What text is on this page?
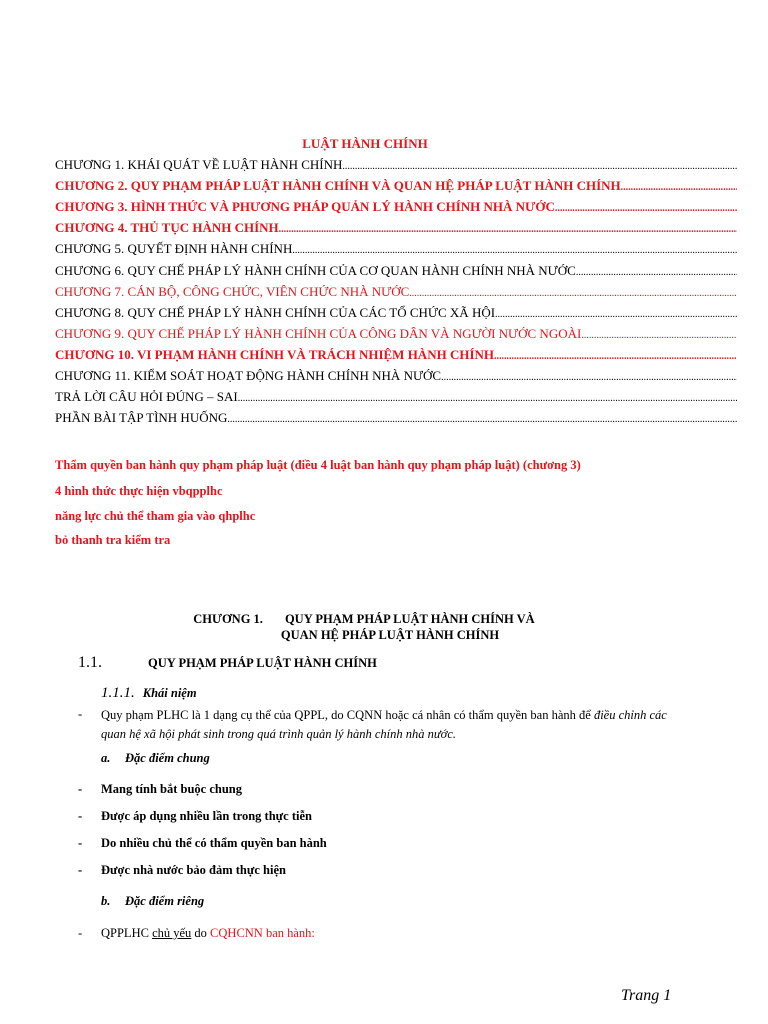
LUẬT HÀNH CHÍNH
CHƯƠNG 1. KHÁI QUÁT VỀ LUẬT HÀNH CHÍNH
.....
CHƯƠNG 2. QUY PHẠM PHÁP LUẬT HÀNH CHÍNH VÀ QUAN HỆ PHÁP LUẬT HÀNH CHÍNH
.....
CHƯƠNG 3. HÌNH THỨC VÀ PHƯƠNG PHÁP QUẢN LÝ HÀNH CHÍNH NHÀ NƯỚC
.....
CHƯƠNG 4. THỦ TỤC HÀNH CHÍNH
.....
CHƯƠNG 5. QUYẾT ĐỊNH HÀNH CHÍNH
.....
CHƯƠNG 6. QUY CHẾ PHÁP LÝ HÀNH CHÍNH CỦA CƠ QUAN HÀNH CHÍNH NHÀ NƯỚC
.....
CHƯƠNG 7. CÁN BỘ, CÔNG CHỨC, VIÊN CHỨC NHÀ NƯỚC
.....
CHƯƠNG 8. QUY CHẾ PHÁP LÝ HÀNH CHÍNH CỦA CÁC TỔ CHỨC XÃ HỘI
.....
CHƯƠNG 9. QUY CHẾ PHÁP LÝ HÀNH CHÍNH CỦA CÔNG DÂN VÀ NGƯỜI NƯỚC NGOÀI
.....
CHƯƠNG 10. VI PHẠM HÀNH CHÍNH VÀ TRÁCH NHIỆM HÀNH CHÍNH
.....
CHƯƠNG 11. KIỂM SOÁT HOẠT ĐỘNG HÀNH CHÍNH NHÀ NƯỚC
.....
TRẢ LỜI CÂU HỎI ĐÚNG – SAI
.....
PHẦN BÀI TẬP TÌNH HUỐNG
.....
Thẩm quyền ban hành quy phạm pháp luật (điều 4 luật ban hành quy phạm pháp luật) (chương 3)
4 hình thức thực hiện vbqpplhc
năng lực chủ thể tham gia vào qhplhc
bỏ thanh tra kiểm tra
CHƯƠNG 1. QUY PHẠM PHÁP LUẬT HÀNH CHÍNH VÀ
QUAN HỆ PHÁP LUẬT HÀNH CHÍNH
1.1.	QUY PHẠM PHÁP LUẬT HÀNH CHÍNH
1.1.1. Khái niệm
- Quy phạm PLHC là 1 dạng cụ thể của QPPL, do CQNN hoặc cá nhân có thẩm quyền ban hành để điều chỉnh các quan hệ xã hội phát sinh trong quá trình quản lý hành chính nhà nước.
a. Đặc điểm chung
- Mang tính bắt buộc chung
- Được áp dụng nhiều lần trong thực tiễn
- Do nhiều chủ thể có thẩm quyền ban hành
- Được nhà nước bảo đảm thực hiện
b. Đặc điểm riêng
- QPPLHC chủ yếu do CQHCNN ban hành:
Trang 1
